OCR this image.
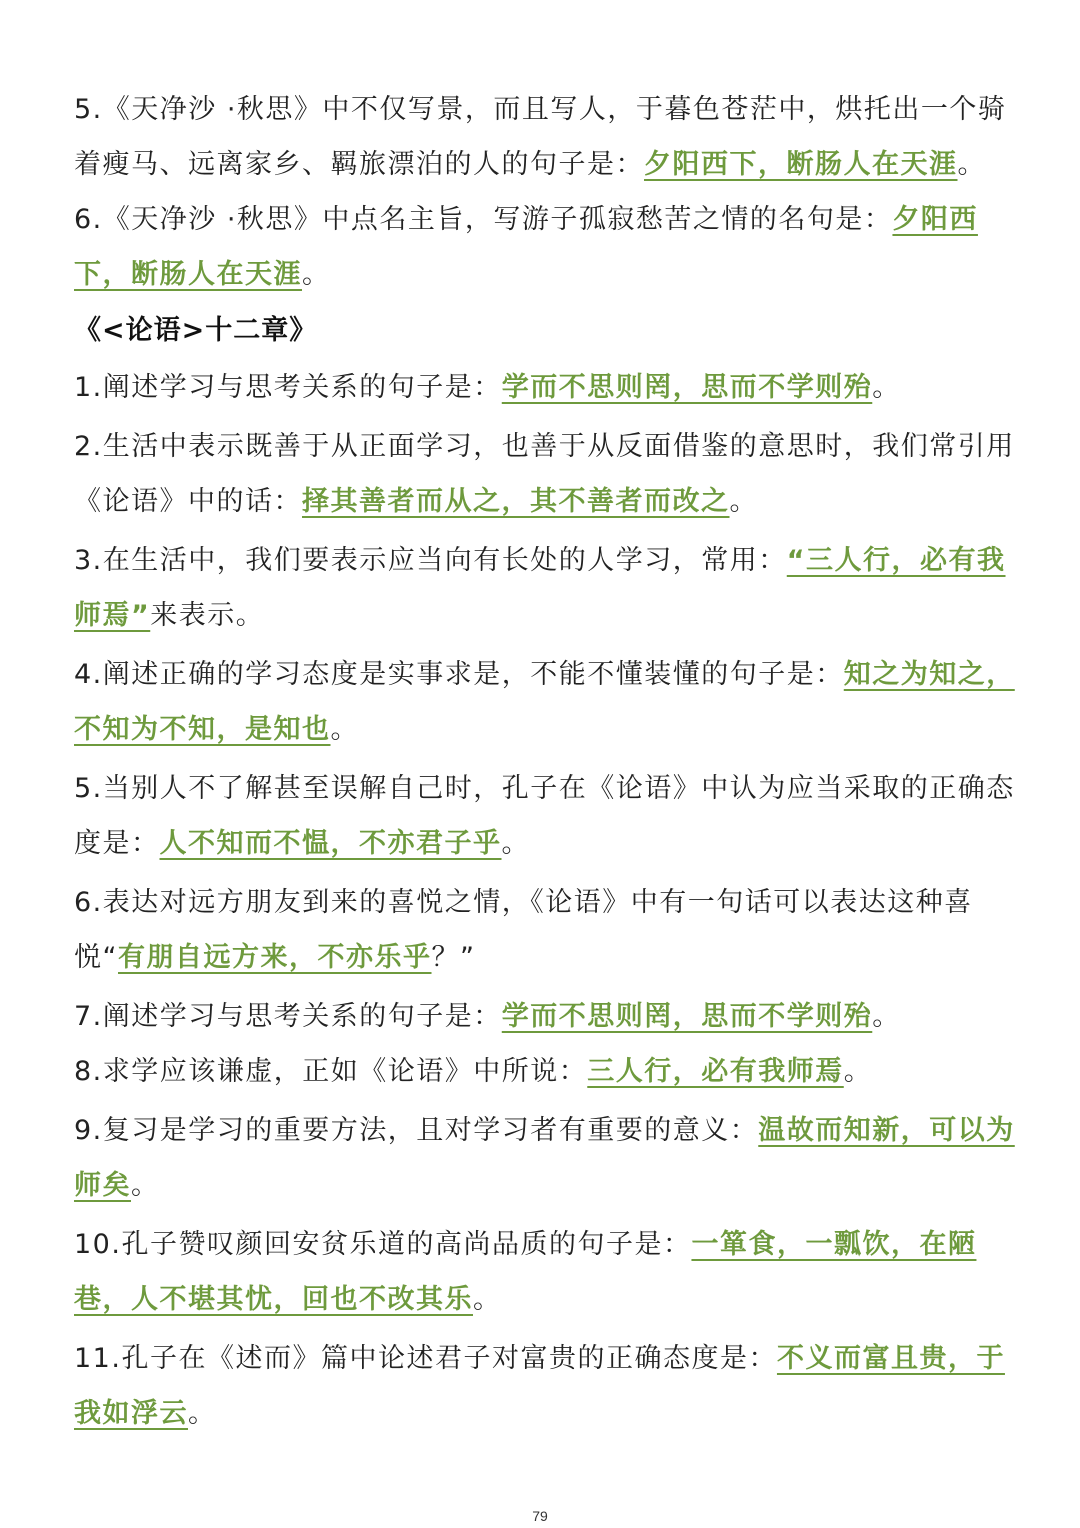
5.《天净沙 ·秋思》中不仅写景，而且写人，于暮色苍茫中，烘托出一个骑着瘦马、远离家乡、羁旅漂泊的人的句子是：夕阳西下，断肠人在天涯。

6.《天净沙 ·秋思》中点名主旨，写游子孤寂愁苦之情的名句是：夕阳西下，断肠人在天涯。

《<论语>十二章》

1.阐述学习与思考关系的句子是：学而不思则罔，思而不学则殆。

2.生活中表示既善于从正面学习，也善于从反面借鉴的意思时，我们常引用《论语》中的话：择其善者而从之，其不善者而改之。

3.在生活中，我们要表示应当向有长处的人学习，常用：“三人行，必有我师焉”来表示。

4.阐述正确的学习态度是实事求是，不能不懂装懂的句子是：知之为知之，不知为不知，是知也。

5.当别人不了解甚至误解自己时，孔子在《论语》中认为应当采取的正确态度是：人不知而不愠，不亦君子乎。

6.表达对远方朋友到来的喜悦之情，《论语》中有一句话可以表达这种喜悦“有朋自远方来，不亦乐乎？”

7.阐述学习与思考关系的句子是：学而不思则罔，思而不学则殆。

8.求学应该谦虚，正如《论语》中所说：三人行，必有我师焉。

9.复习是学习的重要方法，且对学习者有重要的意义：温故而知新，可以为师矣。

10.孔子赞叹颜回安贫乐道的高尚品质的句子是：一箪食，一瓢饮，在陋巷，人不堪其忧，回也不改其乐。

11.孔子在《述而》篇中论述君子对富贵的正确态度是：不义而富且贵，于我如浮云。

79
